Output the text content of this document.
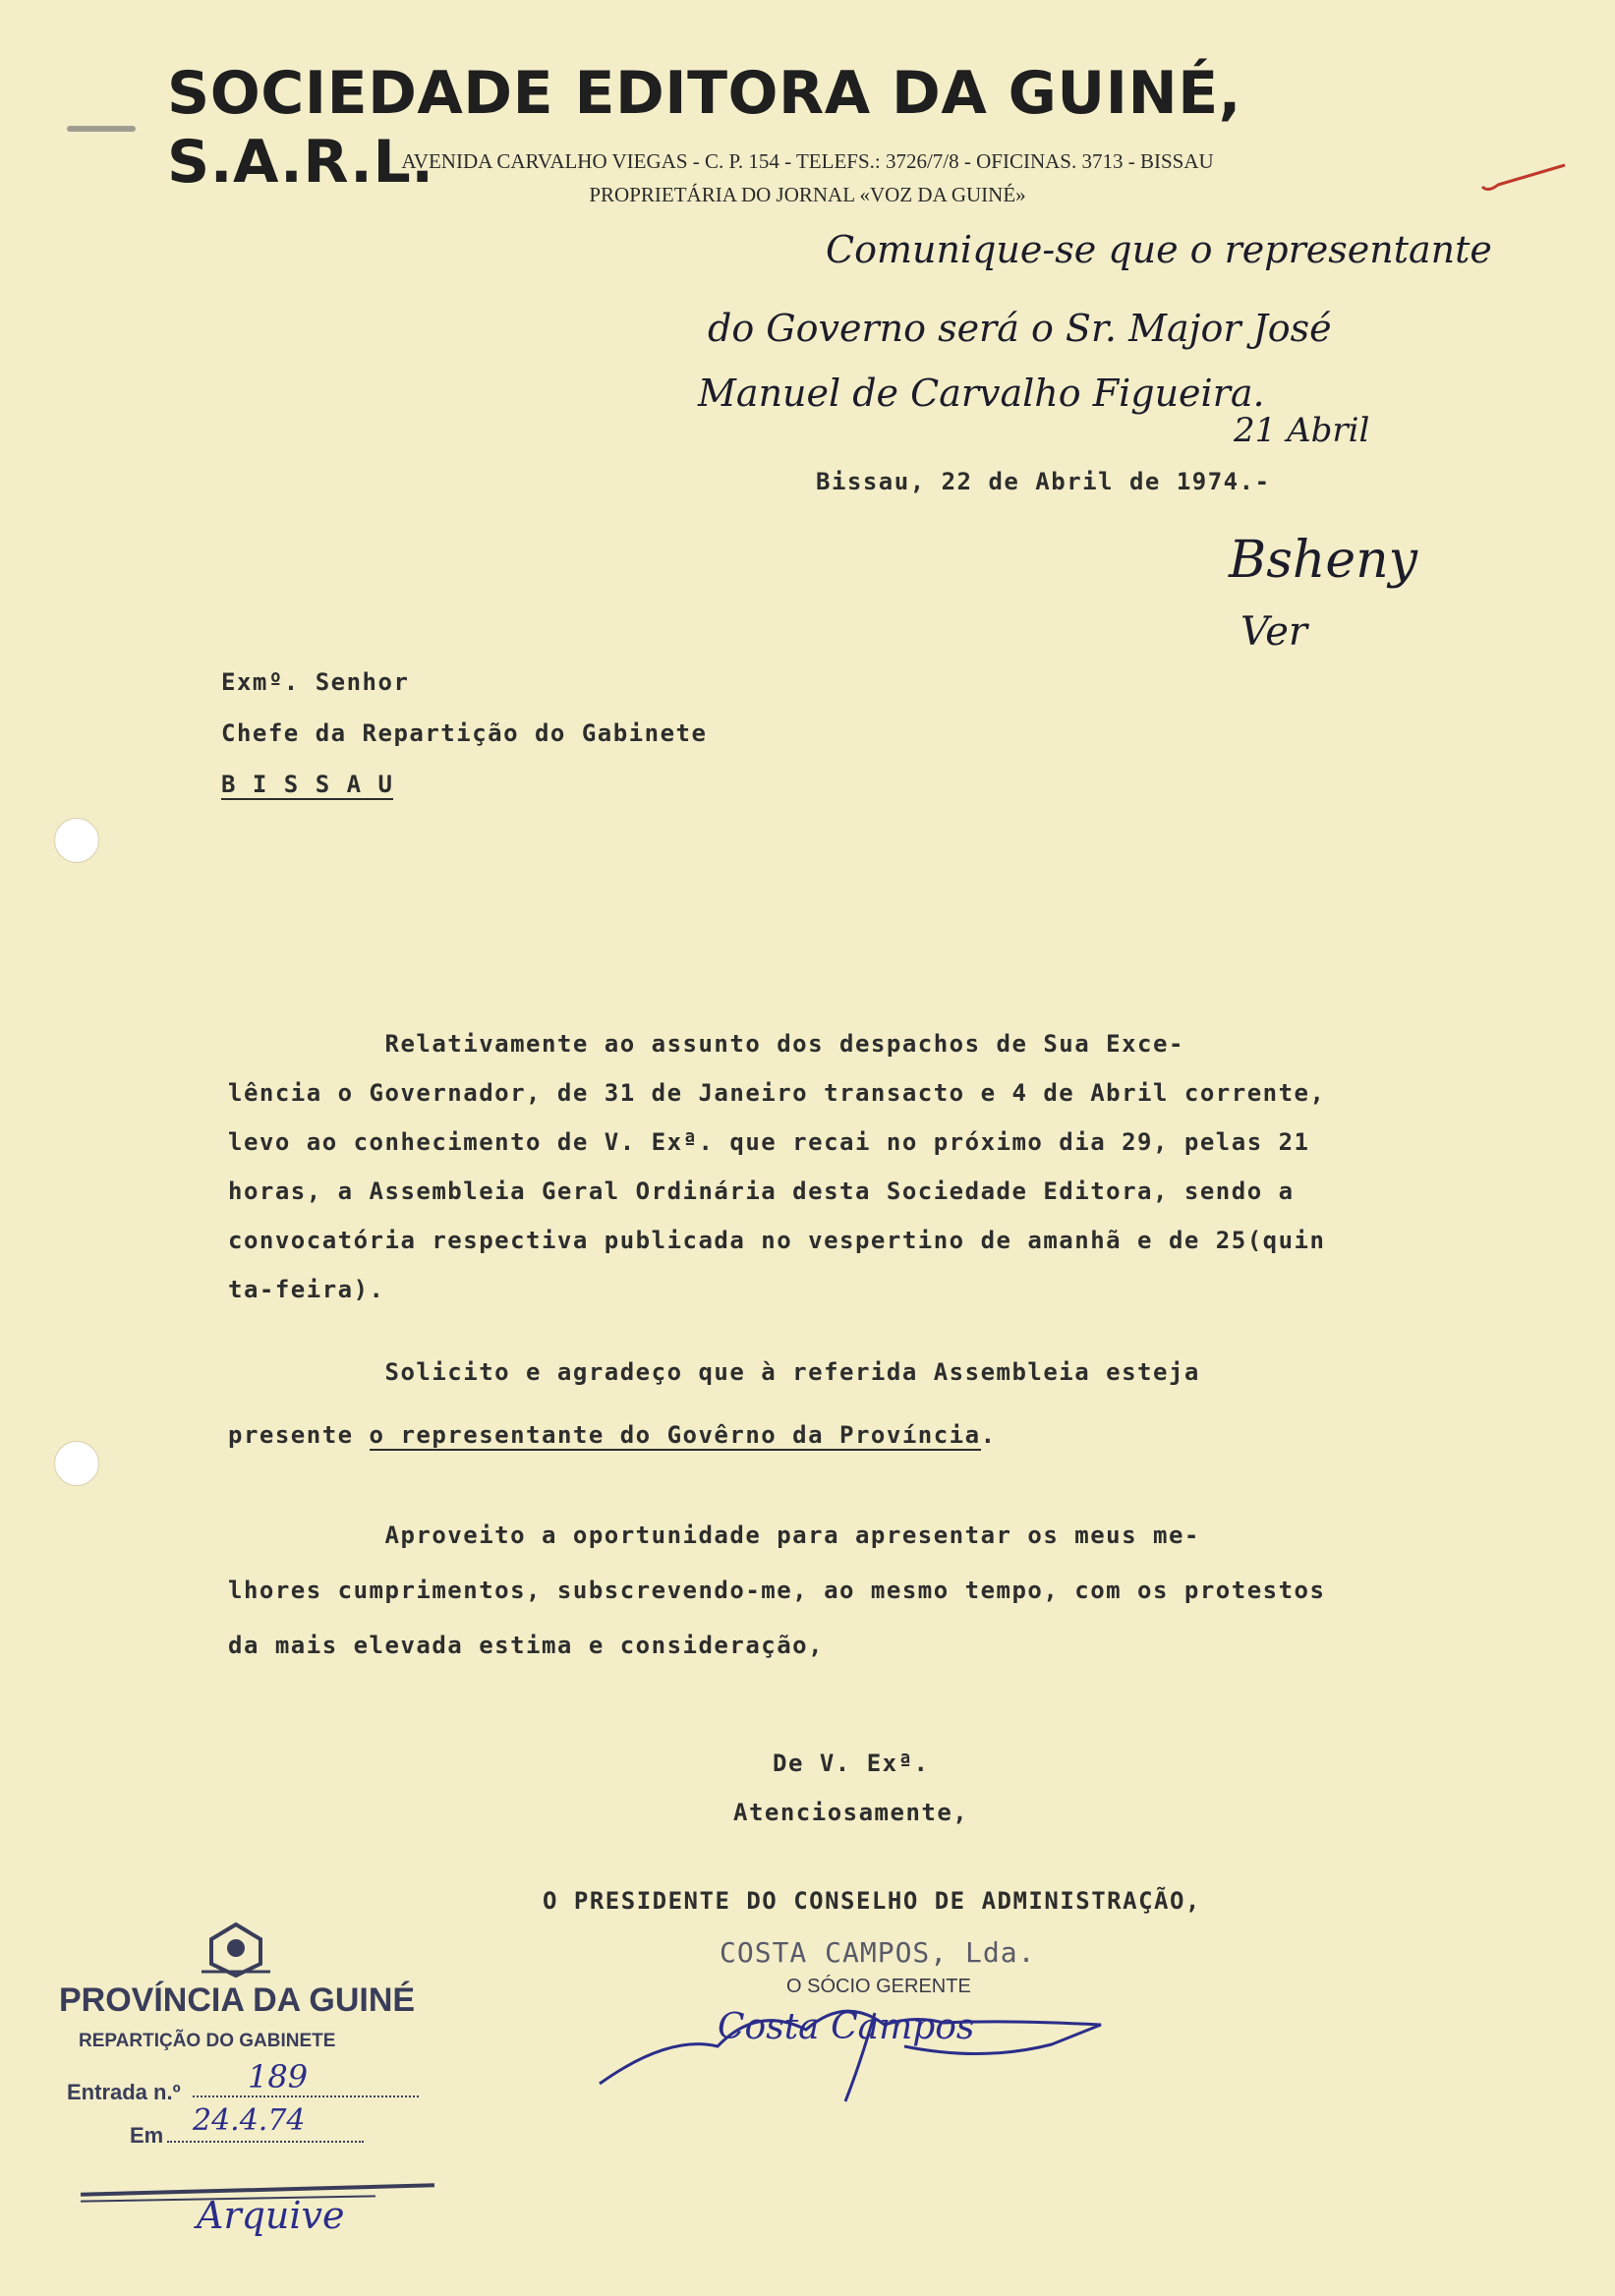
SOCIEDADE EDITORA DA GUINÉ, S.A.R.L.
AVENIDA CARVALHO VIEGAS - C. P. 154 - TELEFS.: 3726/7/8 - OFICINAS. 3713 - BISSAU
PROPRIETÁRIA DO JORNAL «VOZ DA GUINÉ»
Comunique-se que o representante
do Governo será o Sr. Major José
Manuel de Carvalho Figueira.
21 Abril
Bissau, 22 de Abril de 1974.-
Bsheny
Ver
Exmº. Senhor
Chefe da Repartição do Gabinete
B I S S A U
Relativamente ao assunto dos despachos de Sua Exce-
lência o Governador, de 31 de Janeiro transacto e 4 de Abril corrente,
levo ao conhecimento de V. Exª. que recai no próximo dia 29, pelas 21
horas, a Assembleia Geral Ordinária desta Sociedade Editora, sendo a
convocatória respectiva publicada no vespertino de amanhã e de 25(quin
ta-feira).
Solicito e agradeço que à referida Assembleia esteja
presente o representante do Govêrno da Província.
Aproveito a oportunidade para apresentar os meus me-
lhores cumprimentos, subscrevendo-me, ao mesmo tempo, com os protestos
da mais elevada estima e consideração,
De V. Exª.
Atenciosamente,
O PRESIDENTE DO CONSELHO DE ADMINISTRAÇÃO,
COSTA CAMPOS, Lda.
O SÓCIO GERENTE
Costa Campos
PROVÍNCIA DA GUINÉ
REPARTIÇÃO DO GABINETE
Entrada n.º 189
Em 24.4.74
Arquive
